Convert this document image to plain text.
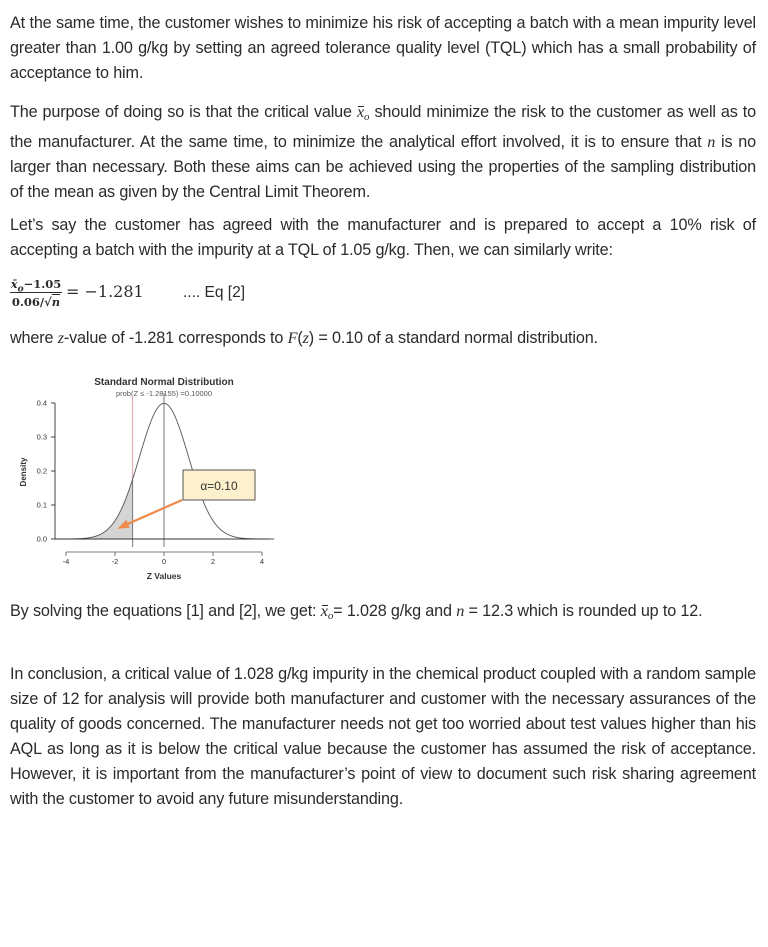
At the same time, the customer wishes to minimize his risk of accepting a batch with a mean impurity level greater than 1.00 g/kg by setting an agreed tolerance quality level (TQL) which has a small probability of acceptance to him.

The purpose of doing so is that the critical value $x_o$ should minimize the risk to the customer as well as to the manufacturer. At the same time, to minimize the analytical effort involved, it is to ensure that n is no larger than necessary. Both these aims can be achieved using the properties of the sampling distribution of the mean as given by the Central Limit Theorem.

Let’s say the customer has agreed with the manufacturer and is prepared to accept a 10% risk of accepting a batch with the impurity at a TQL of 1.05 g/kg. Then, we can similarly write:

$\frac{x̄_o-1.05}{0.06/√n} = -1.281$	.... Eq [2]

where z-value of -1.281 corresponds to F(z) = 0.10 of a standard normal distribution.

Standard Normal Distribution
prob(Z ≤ -1.28155) =0.10000
Density
Z Values
0.0
0.1
0.2
0.3
0.4
-4	-2	0	2	4
α=0.10

By solving the equations [1] and [2], we get: $x_o= 1.028$ g/kg and n = 12.3 which is rounded up to 12.

In conclusion, a critical value of 1.028 g/kg impurity in the chemical product coupled with a random sample size of 12 for analysis will provide both manufacturer and customer with the necessary assurances of the quality of goods concerned. The manufacturer needs not get too worried about test values higher than his AQL as long as it is below the critical value because the customer has assumed the risk of acceptance. However, it is important from the manufacturer’s point of view to document such risk sharing agreement with the customer to avoid any future misunderstanding.
